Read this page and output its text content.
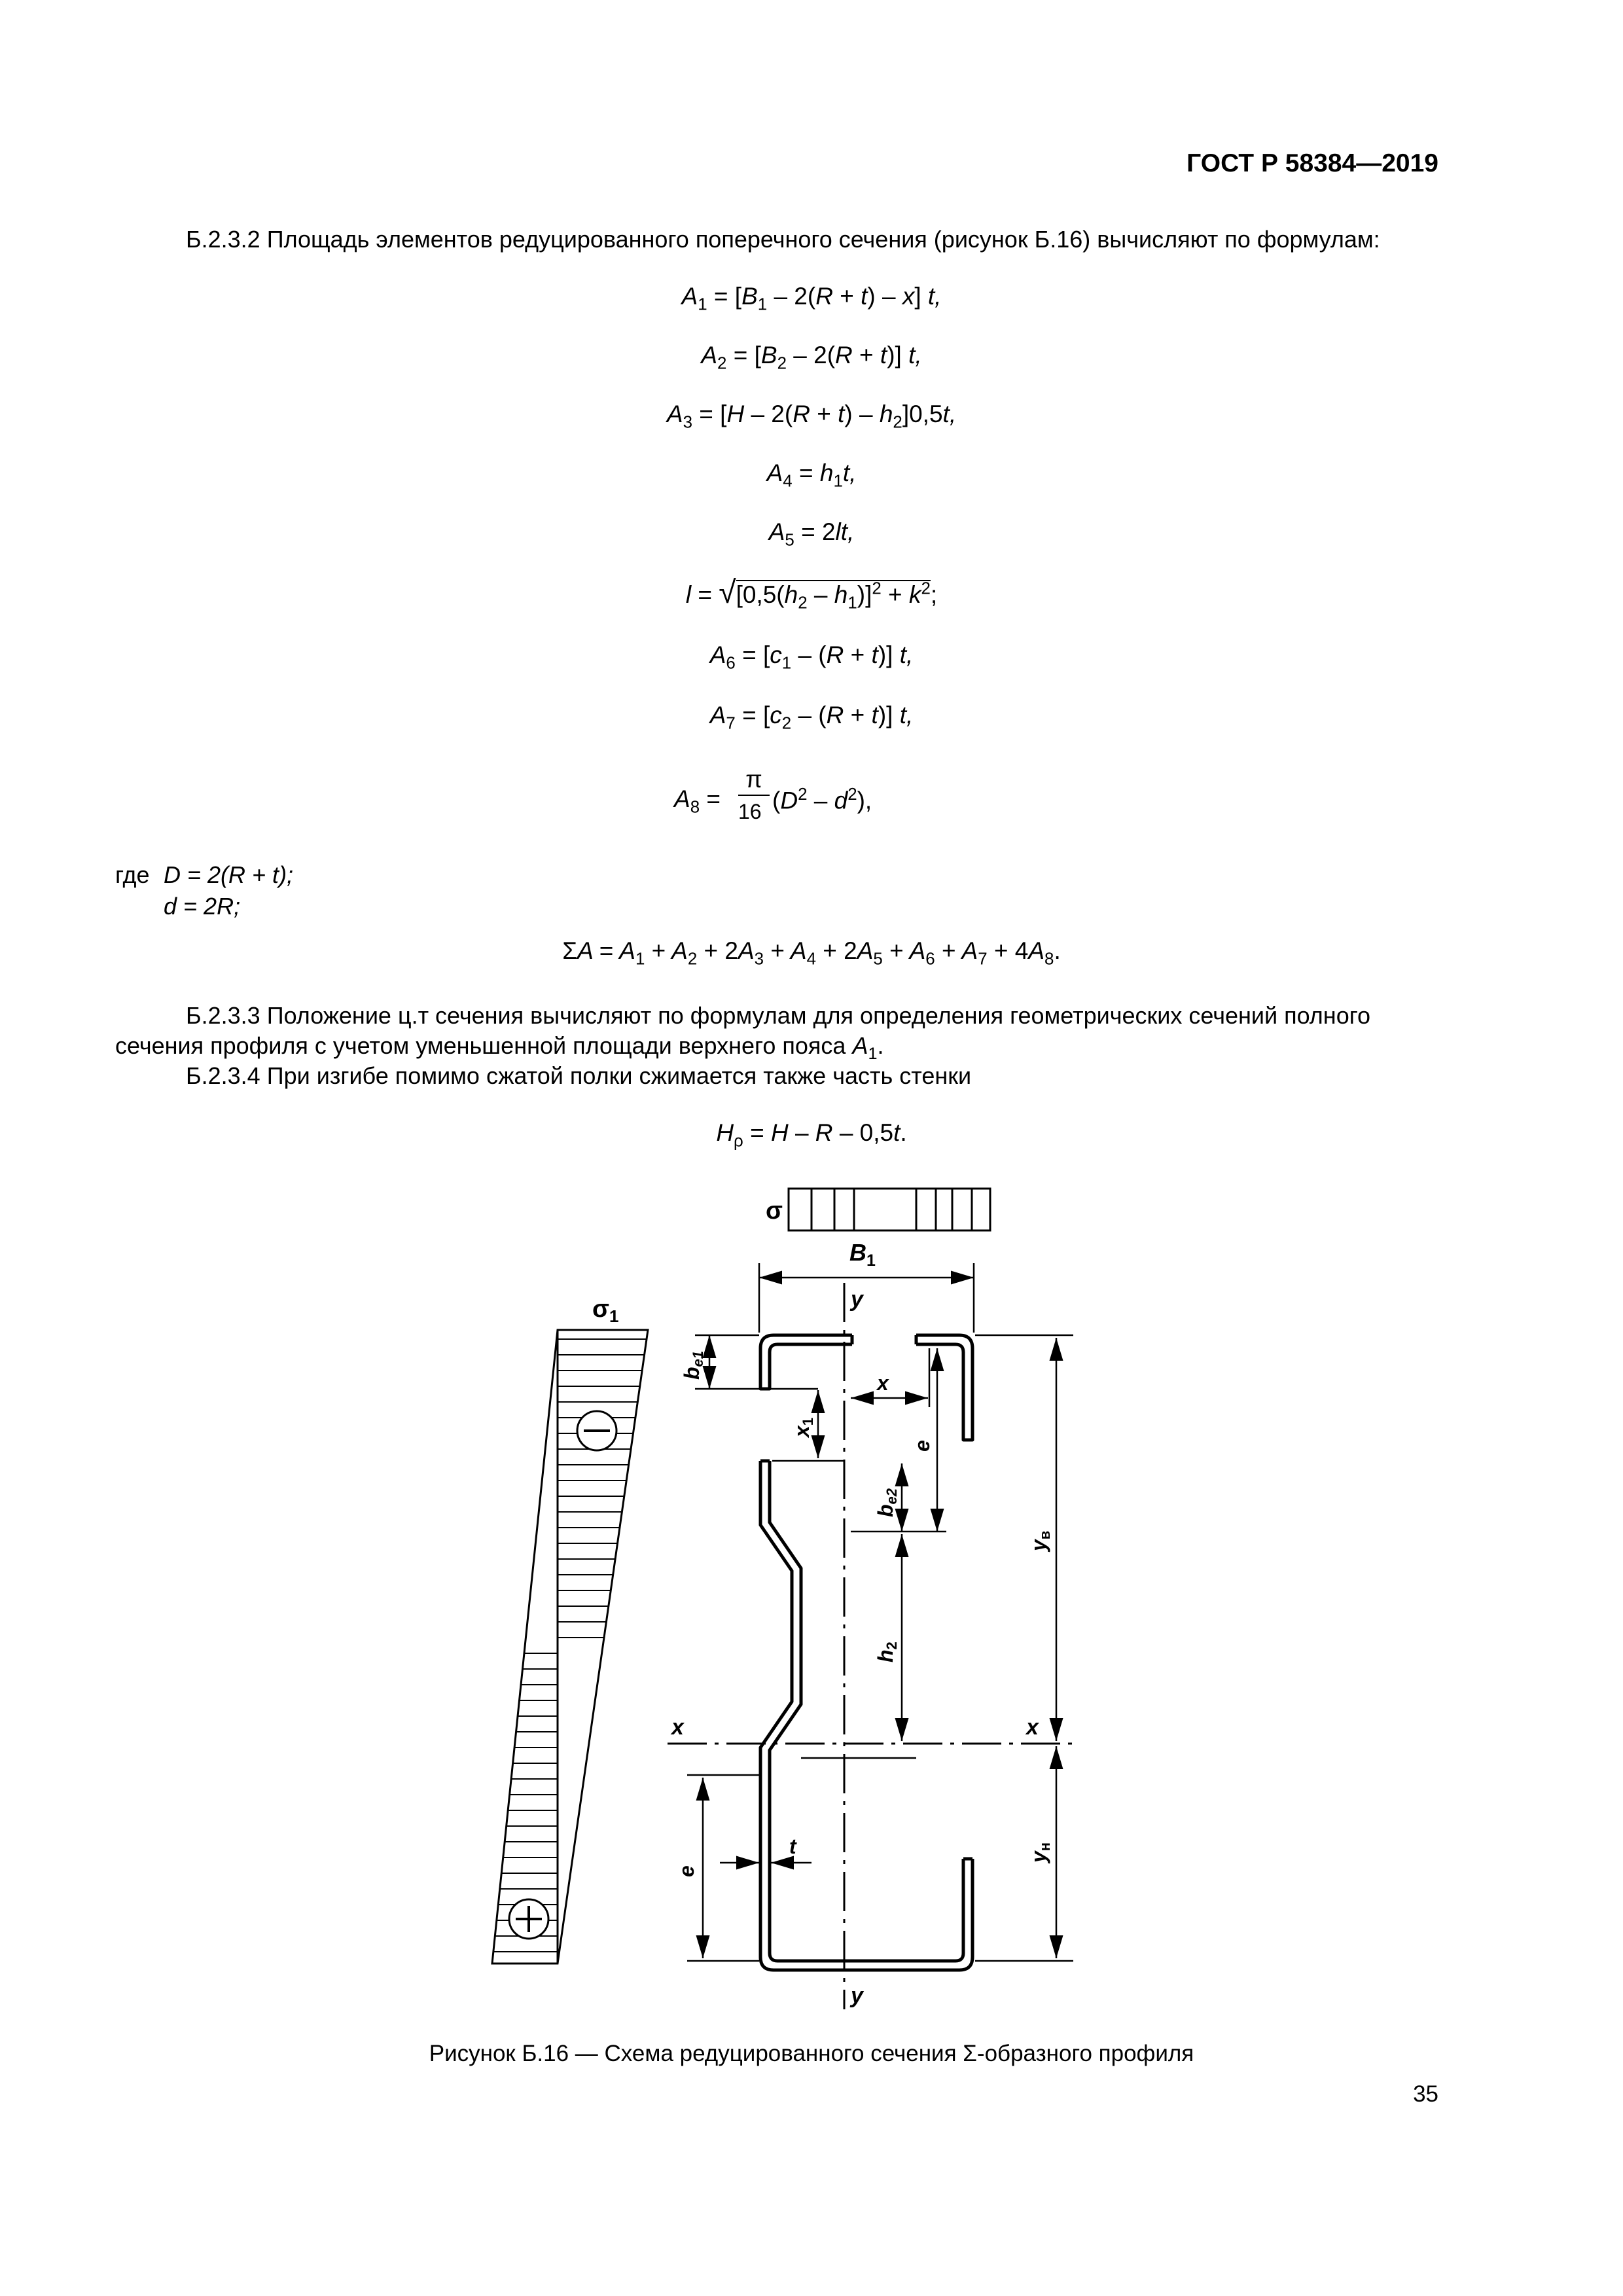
ГОСТ Р 58384—2019
Б.2.3.2 Площадь элементов редуцированного поперечного сечения (рисунок Б.16) вычисляют по формулам:
$A_1 = [B_1 - 2(R + t) - x]$ t,
$A_2 = [B_2 - 2(R + t)]$ t,
$A_3 = [H - 2(R + t) - h_2]0,5t$,
$A_4 = h_1t$,
$A_5 = 2lt$,
$l = √[0,5(h_2 - h_1)]^2 + k^2$;
$A_6 = [c_1 - (R + t)]$ t,
$A_7 = [c_2 - (R + t)]$ t,
$A_8$ =
π
16 $(D^2 - d^2)$,
где D = 2(R + t);
d = 2R;
$\Sigma A = A_1 + A_2 + 2A_3 + A_4 + 2A_5 + A_6 + A_7 + 4A_8$.
Б.2.3.3 Положение ц.т сечения вычисляют по формулам для определения геометрических сечений полного
сечения профиля с учетом уменьшенной площади верхнего пояса $A_1$.
Б.2.3.4 При изгибе помимо сжатой полки сжимается также часть стенки
$H_\rho = H - R - 0,5t$.
σ
$\sigma_1$
$B_1$
y
y
x	x
x
be1
x1
e
be2
h2
yв
yн
e
t
Рисунок Б.16 — Схема редуцированного сечения Σ-образного профиля
35
